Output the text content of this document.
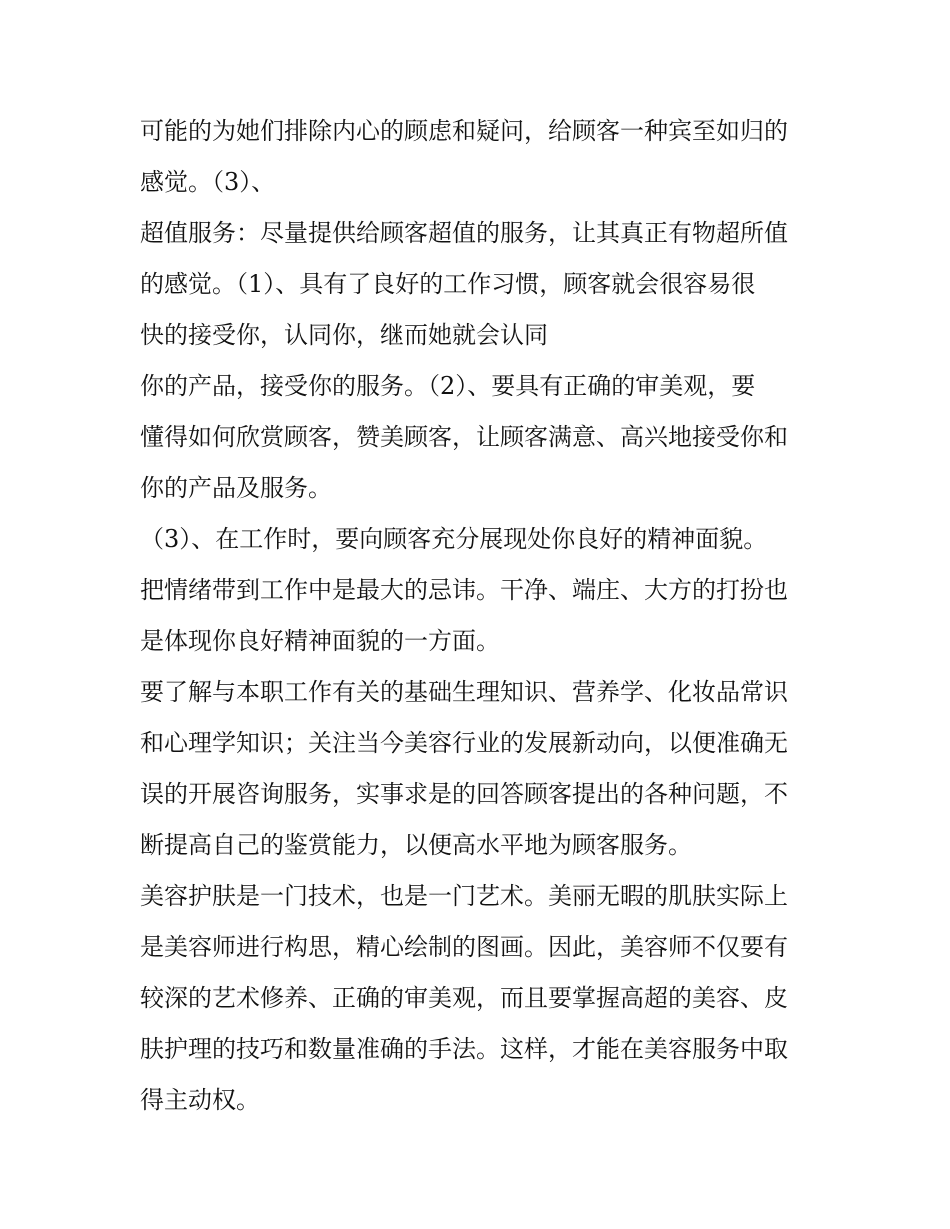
可能的为她们排除内心的顾虑和疑问，给顾客一种宾至如归的
感觉。（3）、
超值服务：尽量提供给顾客超值的服务，让其真正有物超所值
的感觉。（1）、具有了良好的工作习惯，顾客就会很容易很
快的接受你，认同你，继而她就会认同
你的产品，接受你的服务。（2）、要具有正确的审美观，要
懂得如何欣赏顾客，赞美顾客，让顾客满意、高兴地接受你和
你的产品及服务。
（3）、在工作时，要向顾客充分展现处你良好的精神面貌。
把情绪带到工作中是最大的忌讳。干净、端庄、大方的打扮也
是体现你良好精神面貌的一方面。
要了解与本职工作有关的基础生理知识、营养学、化妆品常识
和心理学知识；关注当今美容行业的发展新动向，以便准确无
误的开展咨询服务，实事求是的回答顾客提出的各种问题，不
断提高自己的鉴赏能力，以便高水平地为顾客服务。
美容护肤是一门技术，也是一门艺术。美丽无暇的肌肤实际上
是美容师进行构思，精心绘制的图画。因此，美容师不仅要有
较深的艺术修养、正确的审美观，而且要掌握高超的美容、皮
肤护理的技巧和数量准确的手法。这样，才能在美容服务中取
得主动权。
